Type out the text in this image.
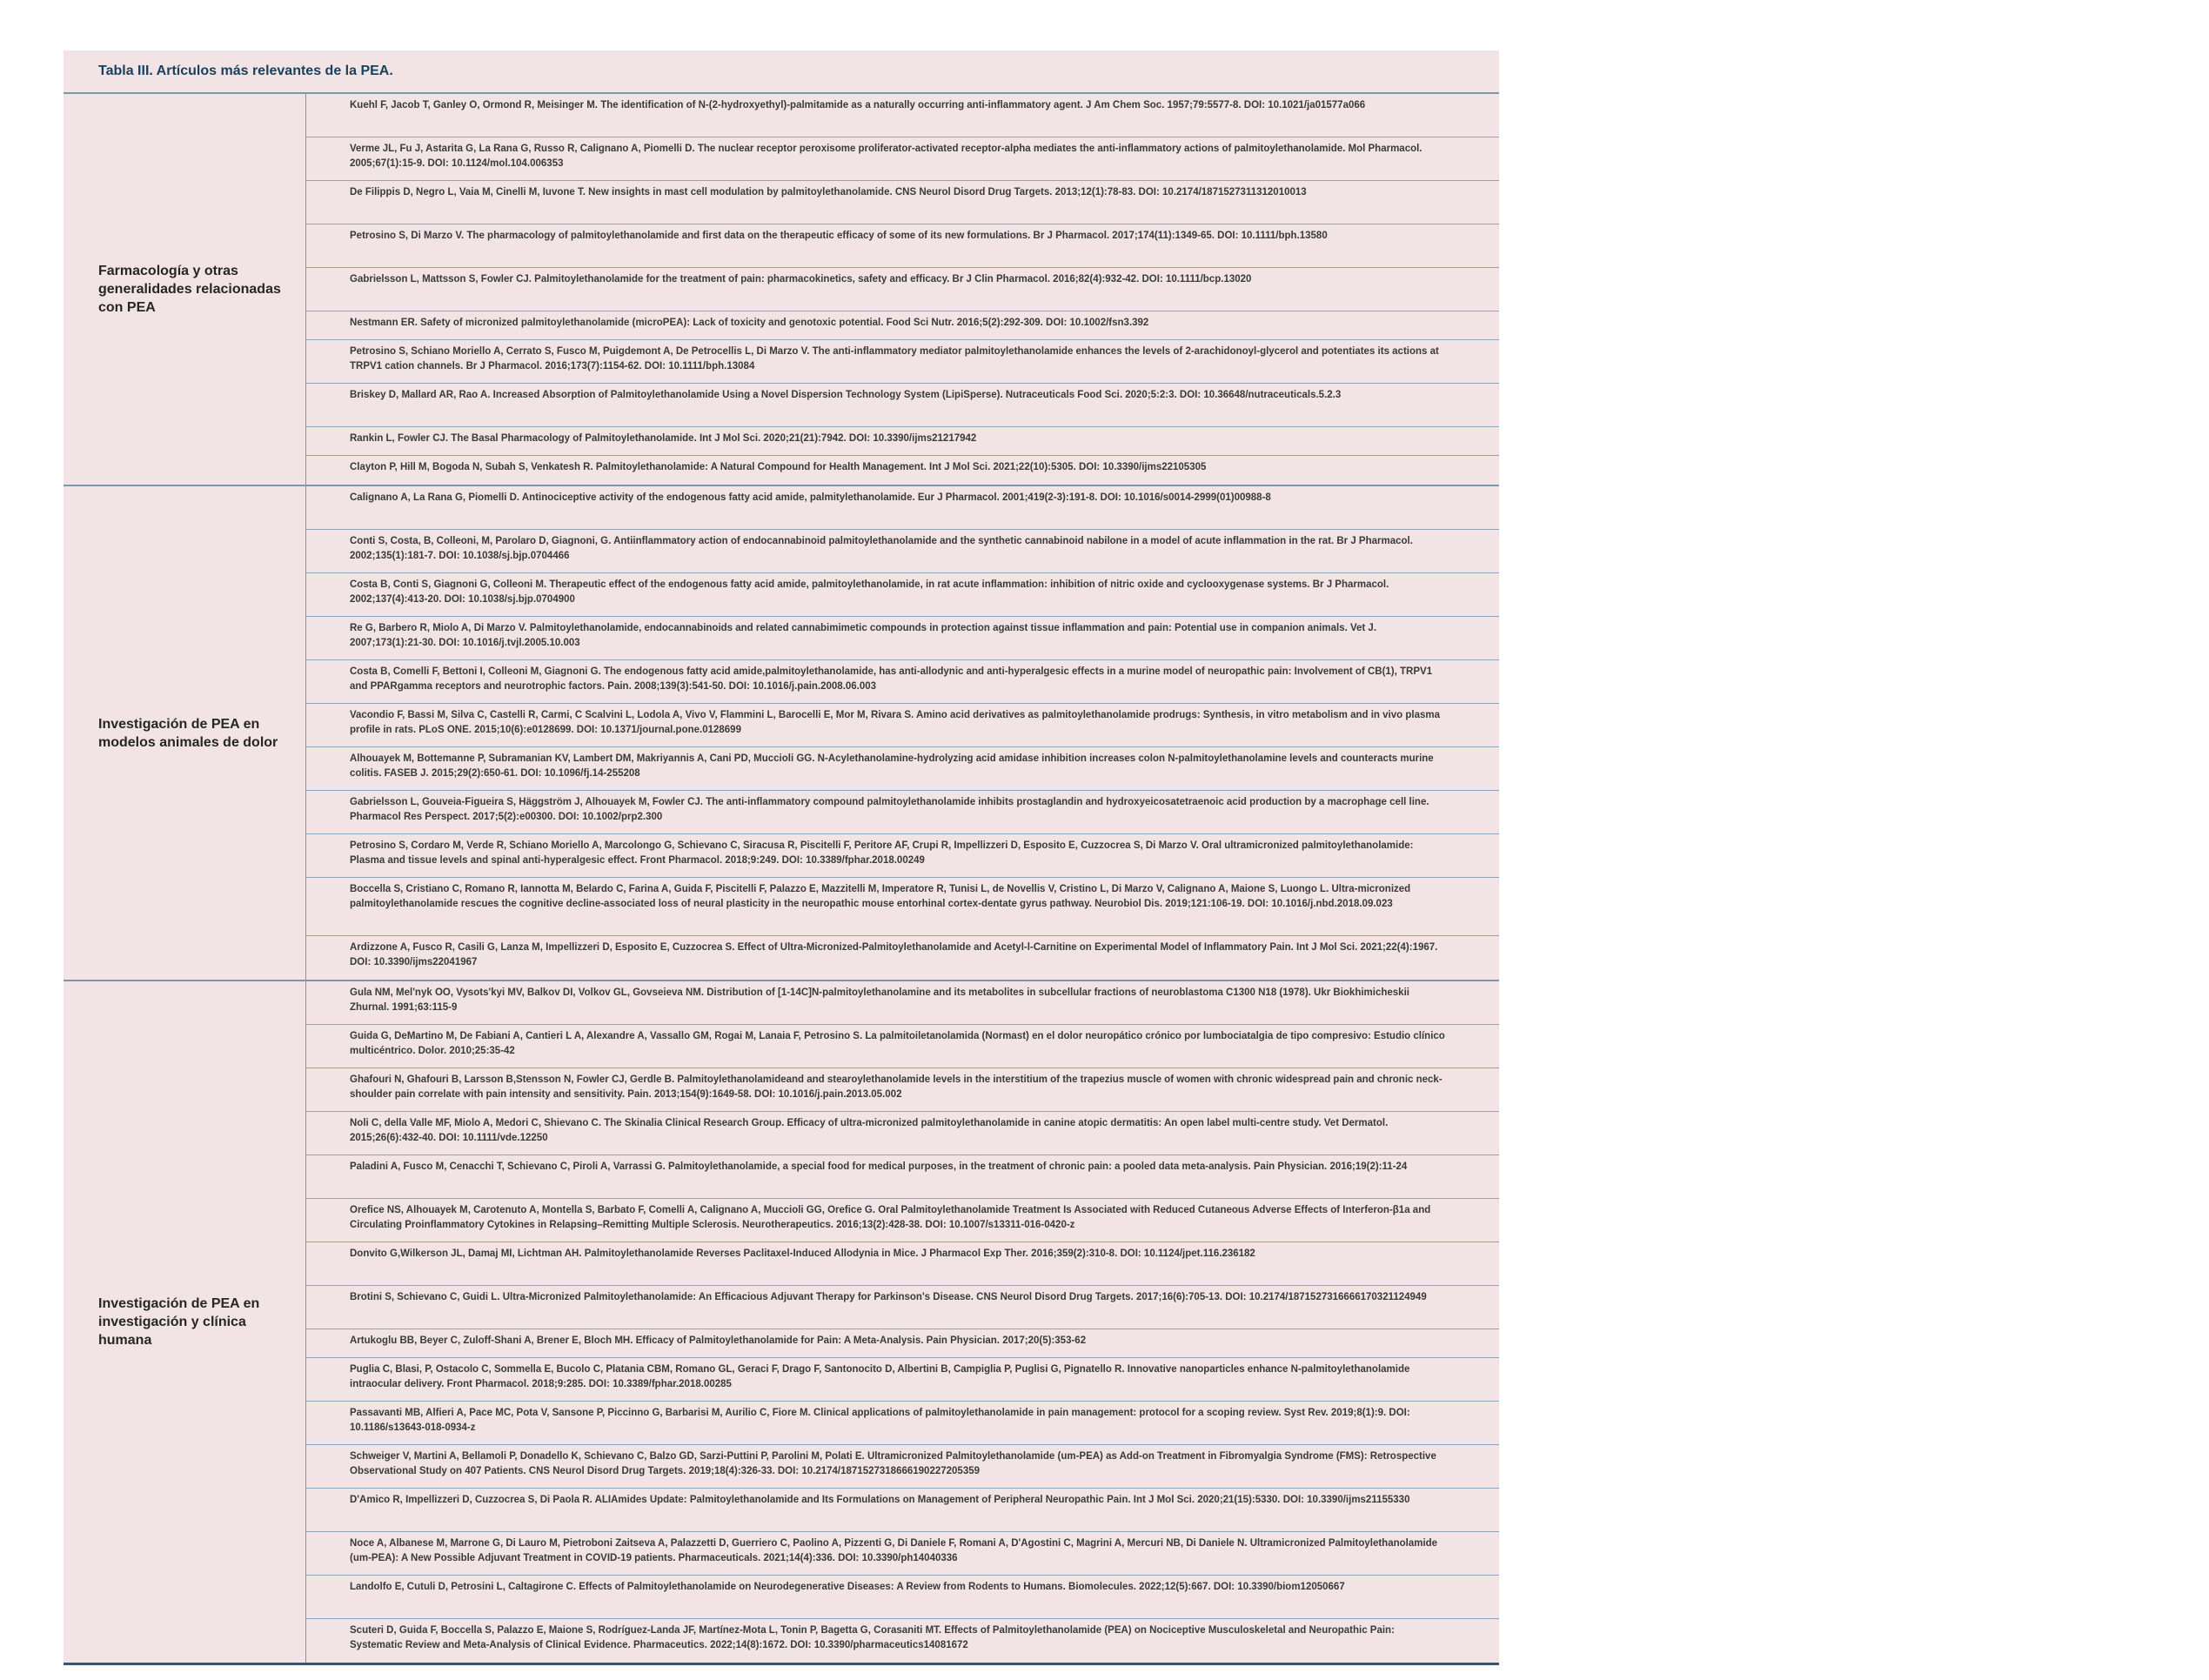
Tabla III. Artículos más relevantes de la PEA.
Farmacología y otras generalidades relacionadas con PEA
Kuehl F, Jacob T, Ganley O, Ormond R, Meisinger M. The identification of N-(2-hydroxyethyl)-palmitamide as a naturally occurring anti-inflammatory agent. J Am Chem Soc. 1957;79:5577-8. DOI: 10.1021/ja01577a066
Verme JL, Fu J, Astarita G, La Rana G, Russo R, Calignano A, Piomelli D. The nuclear receptor peroxisome proliferator-activated receptor-alpha mediates the anti-inflammatory actions of palmitoylethanolamide. Mol Pharmacol. 2005;67(1):15-9. DOI: 10.1124/mol.104.006353
De Filippis D, Negro L, Vaia M, Cinelli M, Iuvone T. New insights in mast cell modulation by palmitoylethanolamide. CNS Neurol Disord Drug Targets. 2013;12(1):78-83. DOI: 10.2174/1871527311312010013
Petrosino S, Di Marzo V. The pharmacology of palmitoylethanolamide and first data on the therapeutic efficacy of some of its new formulations. Br J Pharmacol. 2017;174(11):1349-65. DOI: 10.1111/bph.13580
Gabrielsson L, Mattsson S, Fowler CJ. Palmitoylethanolamide for the treatment of pain: pharmacokinetics, safety and efficacy. Br J Clin Pharmacol. 2016;82(4):932-42. DOI: 10.1111/bcp.13020
Nestmann ER. Safety of micronized palmitoylethanolamide (microPEA): Lack of toxicity and genotoxic potential. Food Sci Nutr. 2016;5(2):292-309. DOI: 10.1002/fsn3.392
Petrosino S, Schiano Moriello A, Cerrato S, Fusco M, Puigdemont A, De Petrocellis L, Di Marzo V. The anti-inflammatory mediator palmitoylethanolamide enhances the levels of 2-arachidonoyl-glycerol and potentiates its actions at TRPV1 cation channels. Br J Pharmacol. 2016;173(7):1154-62. DOI: 10.1111/bph.13084
Briskey D, Mallard AR, Rao A. Increased Absorption of Palmitoylethanolamide Using a Novel Dispersion Technology System (LipiSperse). Nutraceuticals Food Sci. 2020;5:2:3. DOI: 10.36648/nutraceuticals.5.2.3
Rankin L, Fowler CJ. The Basal Pharmacology of Palmitoylethanolamide. Int J Mol Sci. 2020;21(21):7942. DOI: 10.3390/ijms21217942
Clayton P, Hill M, Bogoda N, Subah S, Venkatesh R. Palmitoylethanolamide: A Natural Compound for Health Management. Int J Mol Sci. 2021;22(10):5305. DOI: 10.3390/ijms22105305
Investigación de PEA en modelos animales de dolor
Calignano A, La Rana G, Piomelli D. Antinociceptive activity of the endogenous fatty acid amide, palmitylethanolamide. Eur J Pharmacol. 2001;419(2-3):191-8. DOI: 10.1016/s0014-2999(01)00988-8
Conti S, Costa, B, Colleoni, M, Parolaro D, Giagnoni, G. Antiinflammatory action of endocannabinoid palmitoylethanolamide and the synthetic cannabinoid nabilone in a model of acute inflammation in the rat. Br J Pharmacol. 2002;135(1):181-7. DOI: 10.1038/sj.bjp.0704466
Costa B, Conti S, Giagnoni G, Colleoni M. Therapeutic effect of the endogenous fatty acid amide, palmitoylethanolamide, in rat acute inflammation: inhibition of nitric oxide and cyclooxygenase systems. Br J Pharmacol. 2002;137(4):413-20. DOI: 10.1038/sj.bjp.0704900
Re G, Barbero R, Miolo A, Di Marzo V. Palmitoylethanolamide, endocannabinoids and related cannabimimetic compounds in protection against tissue inflammation and pain: Potential use in companion animals. Vet J. 2007;173(1):21-30. DOI: 10.1016/j.tvjl.2005.10.003
Costa B, Comelli F, Bettoni I, Colleoni M, Giagnoni G. The endogenous fatty acid amide,palmitoylethanolamide, has anti-allodynic and anti-hyperalgesic effects in a murine model of neuropathic pain: Involvement of CB(1), TRPV1 and PPARgamma receptors and neurotrophic factors. Pain. 2008;139(3):541-50. DOI: 10.1016/j.pain.2008.06.003
Vacondio F, Bassi M, Silva C, Castelli R, Carmi, C Scalvini L, Lodola A, Vivo V, Flammini L, Barocelli E, Mor M, Rivara S. Amino acid derivatives as palmitoylethanolamide prodrugs: Synthesis, in vitro metabolism and in vivo plasma profile in rats. PLoS ONE. 2015;10(6):e0128699. DOI: 10.1371/journal.pone.0128699
Alhouayek M, Bottemanne P, Subramanian KV, Lambert DM, Makriyannis A, Cani PD, Muccioli GG. N-Acylethanolamine-hydrolyzing acid amidase inhibition increases colon N-palmitoylethanolamine levels and counteracts murine colitis. FASEB J. 2015;29(2):650-61. DOI: 10.1096/fj.14-255208
Gabrielsson L, Gouveia-Figueira S, Häggström J, Alhouayek M, Fowler CJ. The anti-inflammatory compound palmitoylethanolamide inhibits prostaglandin and hydroxyeicosatetraenoic acid production by a macrophage cell line. Pharmacol Res Perspect. 2017;5(2):e00300. DOI: 10.1002/prp2.300
Petrosino S, Cordaro M, Verde R, Schiano Moriello A, Marcolongo G, Schievano C, Siracusa R, Piscitelli F, Peritore AF, Crupi R, Impellizzeri D, Esposito E, Cuzzocrea S, Di Marzo V. Oral ultramicronized palmitoylethanolamide: Plasma and tissue levels and spinal anti-hyperalgesic effect. Front Pharmacol. 2018;9:249. DOI: 10.3389/fphar.2018.00249
Boccella S, Cristiano C, Romano R, Iannotta M, Belardo C, Farina A, Guida F, Piscitelli F, Palazzo E, Mazzitelli M, Imperatore R, Tunisi L, de Novellis V, Cristino L, Di Marzo V, Calignano A, Maione S, Luongo L. Ultra-micronized palmitoylethanolamide rescues the cognitive decline-associated loss of neural plasticity in the neuropathic mouse entorhinal cortex-dentate gyrus pathway. Neurobiol Dis. 2019;121:106-19. DOI: 10.1016/j.nbd.2018.09.023
Ardizzone A, Fusco R, Casili G, Lanza M, Impellizzeri D, Esposito E, Cuzzocrea S. Effect of Ultra-Micronized-Palmitoylethanolamide and Acetyl-l-Carnitine on Experimental Model of Inflammatory Pain. Int J Mol Sci. 2021;22(4):1967. DOI: 10.3390/ijms22041967
Investigación de PEA en investigación y clínica humana
Gula NM, Mel'nyk OO, Vysots'kyi MV, Balkov DI, Volkov GL, Govseieva NM. Distribution of [1-14C]N-palmitoylethanolamine and its metabolites in subcellular fractions of neuroblastoma C1300 N18 (1978). Ukr Biokhimicheskii Zhurnal. 1991;63:115-9
Guida G, DeMartino M, De Fabiani A, Cantieri L A, Alexandre A, Vassallo GM, Rogai M, Lanaia F, Petrosino S. La palmitoiletanolamida (Normast) en el dolor neuropático crónico por lumbociatalgia de tipo compresivo: Estudio clínico multicéntrico. Dolor. 2010;25:35-42
Ghafouri N, Ghafouri B, Larsson B,Stensson N, Fowler CJ, Gerdle B. Palmitoylethanolamideand and stearoylethanolamide levels in the interstitium of the trapezius muscle of women with chronic widespread pain and chronic neck-shoulder pain correlate with pain intensity and sensitivity. Pain. 2013;154(9):1649-58. DOI: 10.1016/j.pain.2013.05.002
Noli C, della Valle MF, Miolo A, Medori C, Shievano C. The Skinalia Clinical Research Group. Efficacy of ultra-micronized palmitoylethanolamide in canine atopic dermatitis: An open label multi-centre study. Vet Dermatol. 2015;26(6):432-40. DOI: 10.1111/vde.12250
Paladini A, Fusco M, Cenacchi T, Schievano C, Piroli A, Varrassi G. Palmitoylethanolamide, a special food for medical purposes, in the treatment of chronic pain: a pooled data meta-analysis. Pain Physician. 2016;19(2):11-24
Orefice NS, Alhouayek M, Carotenuto A, Montella S, Barbato F, Comelli A, Calignano A, Muccioli GG, Orefice G. Oral Palmitoylethanolamide Treatment Is Associated with Reduced Cutaneous Adverse Effects of Interferon-β1a and Circulating Proinflammatory Cytokines in Relapsing–Remitting Multiple Sclerosis. Neurotherapeutics. 2016;13(2):428-38. DOI: 10.1007/s13311-016-0420-z
Donvito G,Wilkerson JL, Damaj MI, Lichtman AH. Palmitoylethanolamide Reverses Paclitaxel-Induced Allodynia in Mice. J Pharmacol Exp Ther. 2016;359(2):310-8. DOI: 10.1124/jpet.116.236182
Brotini S, Schievano C, Guidi L. Ultra-Micronized Palmitoylethanolamide: An Efficacious Adjuvant Therapy for Parkinson's Disease. CNS Neurol Disord Drug Targets. 2017;16(6):705-13. DOI: 10.2174/1871527316666170321124949
Artukoglu BB, Beyer C, Zuloff-Shani A, Brener E, Bloch MH. Efficacy of Palmitoylethanolamide for Pain: A Meta-Analysis. Pain Physician. 2017;20(5):353-62
Puglia C, Blasi, P, Ostacolo C, Sommella E, Bucolo C, Platania CBM, Romano GL, Geraci F, Drago F, Santonocito D, Albertini B, Campiglia P, Puglisi G, Pignatello R. Innovative nanoparticles enhance N-palmitoylethanolamide intraocular delivery. Front Pharmacol. 2018;9:285. DOI: 10.3389/fphar.2018.00285
Passavanti MB, Alfieri A, Pace MC, Pota V, Sansone P, Piccinno G, Barbarisi M, Aurilio C, Fiore M. Clinical applications of palmitoylethanolamide in pain management: protocol for a scoping review. Syst Rev. 2019;8(1):9. DOI: 10.1186/s13643-018-0934-z
Schweiger V, Martini A, Bellamoli P, Donadello K, Schievano C, Balzo GD, Sarzi-Puttini P, Parolini M, Polati E. Ultramicronized Palmitoylethanolamide (um-PEA) as Add-on Treatment in Fibromyalgia Syndrome (FMS): Retrospective Observational Study on 407 Patients. CNS Neurol Disord Drug Targets. 2019;18(4):326-33. DOI: 10.2174/1871527318666190227205359
D'Amico R, Impellizzeri D, Cuzzocrea S, Di Paola R. ALIAmides Update: Palmitoylethanolamide and Its Formulations on Management of Peripheral Neuropathic Pain. Int J Mol Sci. 2020;21(15):5330. DOI: 10.3390/ijms21155330
Noce A, Albanese M, Marrone G, Di Lauro M, Pietroboni Zaitseva A, Palazzetti D, Guerriero C, Paolino A, Pizzenti G, Di Daniele F, Romani A, D'Agostini C, Magrini A, Mercuri NB, Di Daniele N. Ultramicronized Palmitoylethanolamide (um-PEA): A New Possible Adjuvant Treatment in COVID-19 patients. Pharmaceuticals. 2021;14(4):336. DOI: 10.3390/ph14040336
Landolfo E, Cutuli D, Petrosini L, Caltagirone C. Effects of Palmitoylethanolamide on Neurodegenerative Diseases: A Review from Rodents to Humans. Biomolecules. 2022;12(5):667. DOI: 10.3390/biom12050667
Scuteri D, Guida F, Boccella S, Palazzo E, Maione S, Rodríguez-Landa JF, Martínez-Mota L, Tonin P, Bagetta G, Corasaniti MT. Effects of Palmitoylethanolamide (PEA) on Nociceptive Musculoskeletal and Neuropathic Pain: Systematic Review and Meta-Analysis of Clinical Evidence. Pharmaceutics. 2022;14(8):1672. DOI: 10.3390/pharmaceutics14081672
